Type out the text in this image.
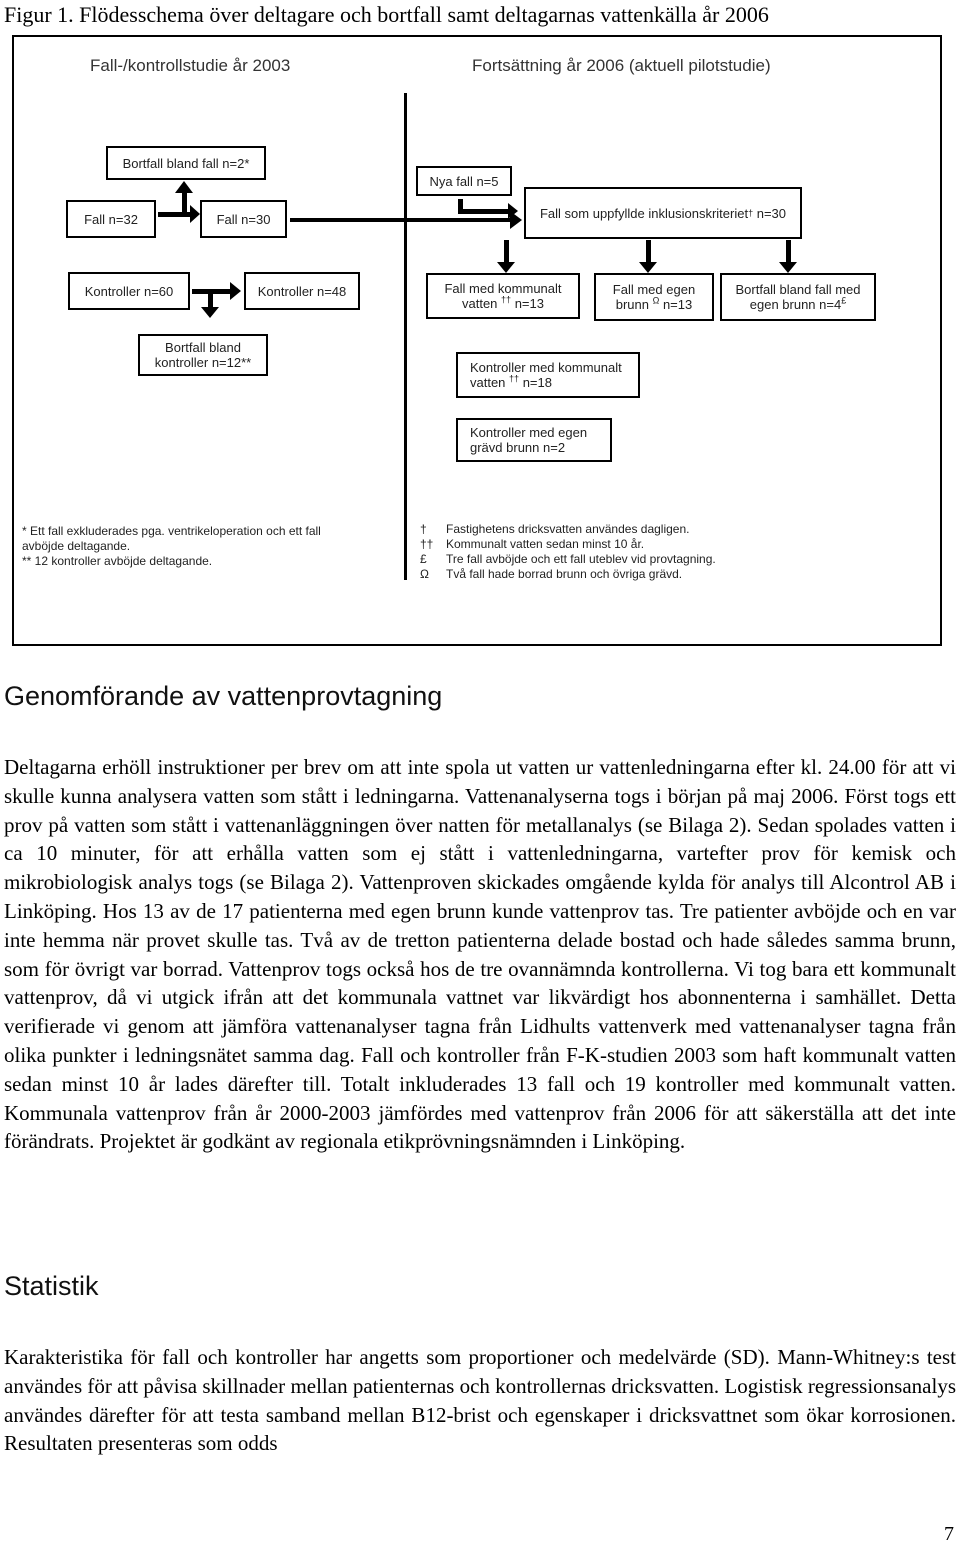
Figur 1. Flödesschema över deltagare och bortfall samt deltagarnas vattenkälla år 2006
Fall-/kontrollstudie år 2003	Fortsättning år 2006 (aktuell pilotstudie)
Bortfall bland fall n=2*
Fall n=32	Fall n=30
Nya fall n=5
Fall som uppfyllde inklusionskriteriet †
n=30
Kontroller n=60	Kontroller n=48	Fall med kommunalt
vatten †† n=13
Fall med egen
brunn $^\Omega$ n=13
Bortfall bland fall med
egen brunn n=4£
Bortfall bland
kontroller n=12**	Kontroller med kommunalt
vatten †† n=18
Kontroller med egen
grävd brunn n=2
* Ett fall exkluderades pga. ventrikeloperation och ett fall
avböjde deltagande.
** 12 kontroller avböjde deltagande.
†	Fastighetens dricksvatten användes dagligen.
†† Kommunalt vatten sedan minst 10 år.
£	Tre fall avböjde och ett fall uteblev vid provtagning.
Ω	Två fall hade borrad brunn och övriga grävd.
Genomförande av vattenprovtagning

Deltagarna erhöll instruktioner per brev om att inte spola ut vatten ur vattenledningarna efter kl. 24.00 för att vi skulle kunna analysera vatten som stått i ledningarna. Vattenanalyserna togs i början på maj 2006. Först togs ett prov på vatten som stått i vattenanläggningen över natten för metallanalys (se Bilaga 2). Sedan spolades vatten i ca 10 minuter, för att erhålla vatten som ej stått i vattenledningarna, vartefter prov för kemisk och mikrobiologisk analys togs (se Bilaga 2). Vattenproven skickades omgående kylda för analys till Alcontrol AB i Linköping. Hos 13 av de 17 patienterna med egen brunn kunde vattenprov tas. Tre patienter avböjde och en var inte hemma när provet skulle tas. Två av de tretton patienterna delade bostad och hade således samma brunn, som för övrigt var borrad. Vattenprov togs också hos de tre ovannämnda kontrollerna. Vi tog bara ett kommunalt vattenprov, då vi utgick ifrån att det kommunala vattnet var likvärdigt hos abonnenterna i samhället. Detta verifierade vi genom att jämföra vattenanalyser tagna från Lidhults vattenverk med vattenanalyser tagna från olika punkter i ledningsnätet samma dag. Fall och kontroller från F-K-studien 2003 som haft kommunalt vatten sedan minst 10 år lades därefter till. Totalt inkluderades 13 fall och 19 kontroller med kommunalt vatten. Kommunala vattenprov från år 2000-2003 jämfördes med vattenprov från 2006 för att säkerställa att det inte förändrats. Projektet är godkänt av regionala etikprövningsnämnden i Linköping.

Statistik

Karakteristika för fall och kontroller har angetts som proportioner och medelvärde (SD). Mann-Whitney:s test användes för att påvisa skillnader mellan patienternas och kontrollernas dricksvatten. Logistisk regressionsanalys användes därefter för att testa samband mellan B12-brist och egenskaper i dricksvattnet som ökar korrosionen. Resultaten presenteras som odds

7
